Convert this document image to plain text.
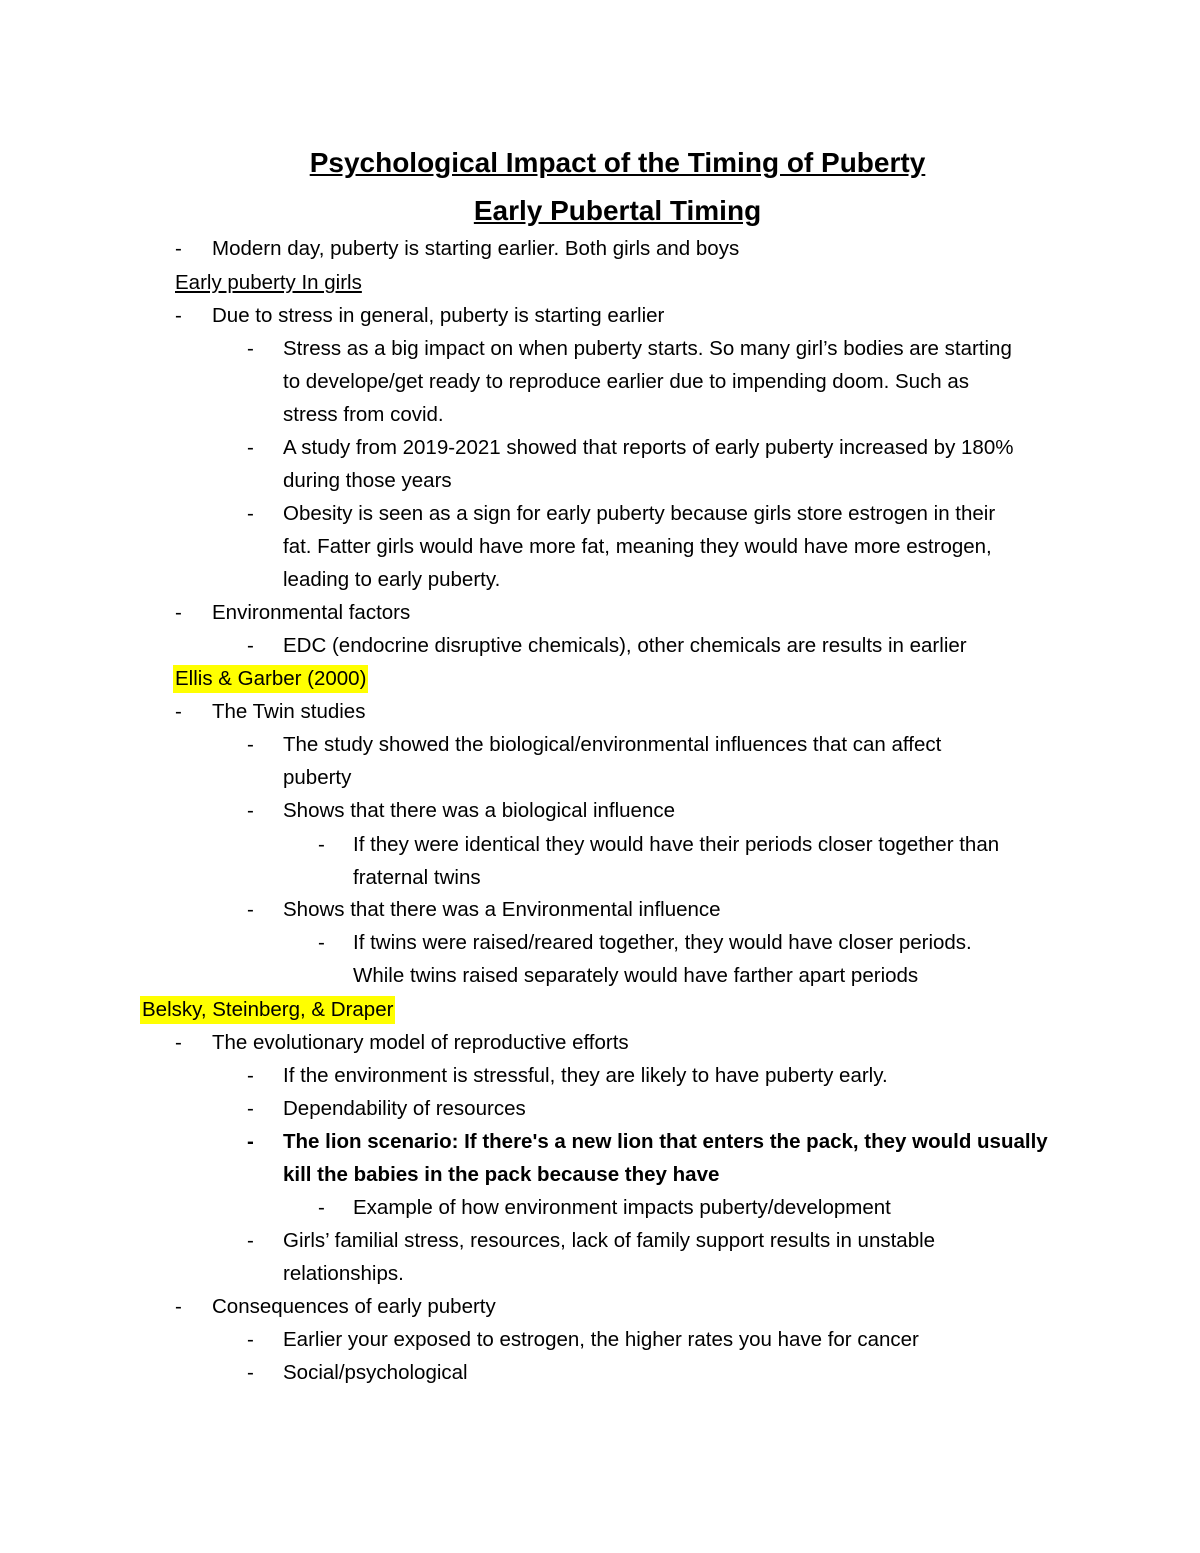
Psychological Impact of the Timing of Puberty
Early Pubertal Timing
- Modern day, puberty is starting earlier. Both girls and boys
Early puberty In girls
- Due to stress in general, puberty is starting earlier
- Stress as a big impact on when puberty starts. So many girl’s bodies are starting
to develope/get ready to reproduce earlier due to impending doom. Such as
stress from covid.
- A study from 2019-2021 showed that reports of early puberty increased by 180%
during those years
- Obesity is seen as a sign for early puberty because girls store estrogen in their
fat. Fatter girls would have more fat, meaning they would have more estrogen,
leading to early puberty.
- Environmental factors
- EDC (endocrine disruptive chemicals), other chemicals are results in earlier
Ellis & Garber (2000)
- The Twin studies
- The study showed the biological/environmental influences that can affect
puberty
- Shows that there was a biological influence
- If they were identical they would have their periods closer together than
fraternal twins
- Shows that there was a Environmental influence
- If twins were raised/reared together, they would have closer periods.
While twins raised separately would have farther apart periods
Belsky, Steinberg, & Draper
- The evolutionary model of reproductive efforts
- If the environment is stressful, they are likely to have puberty early.
- Dependability of resources
- The lion scenario: If there's a new lion that enters the pack, they would usually
kill the babies in the pack because they have
- Example of how environment impacts puberty/development
- Girls’ familial stress, resources, lack of family support results in unstable
relationships.
- Consequences of early puberty
- Earlier your exposed to estrogen, the higher rates you have for cancer
- Social/psychological
